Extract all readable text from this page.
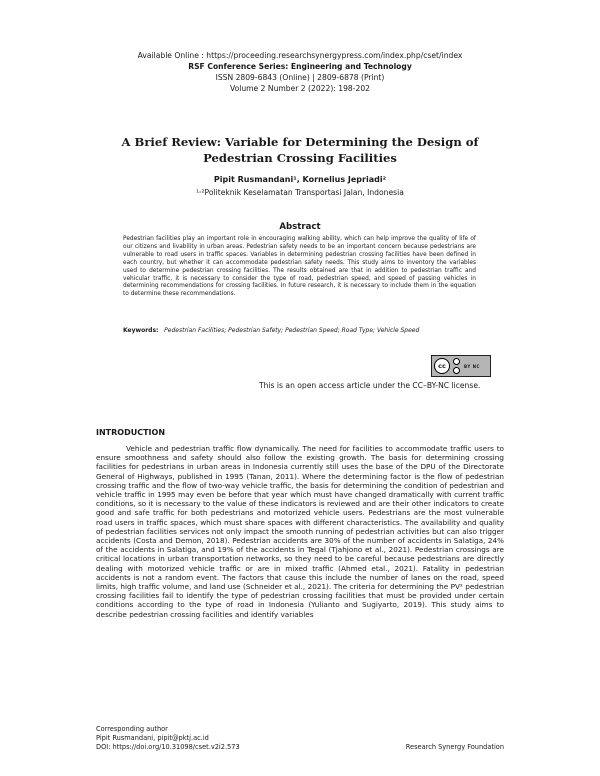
Available Online : https://proceeding.researchsynergypress.com/index.php/cset/index
RSF Conference Series: Engineering and Technology
ISSN 2809-6843 (Online) | 2809-6878 (Print)
Volume 2 Number 2 (2022): 198-202
A Brief Review: Variable for Determining the Design of Pedestrian Crossing Facilities
Pipit Rusmandani¹, Kornelius Jepriadi²
¹˒²Politeknik Keselamatan Transportasi Jalan, Indonesia
Abstract
Pedestrian facilities play an important role in encouraging walking ability, which can help improve the quality of life of our citizens and livability in urban areas. Pedestrian safety needs to be an important concern because pedestrians are vulnerable to road users in traffic spaces. Variables in determining pedestrian crossing facilities have been defined in each country, but whether it can accommodate pedestrian safety needs. This study aims to inventory the variables used to determine pedestrian crossing facilities. The results obtained are that in addition to pedestrian traffic and vehicular traffic, it is necessary to consider the type of road, pedestrian speed, and speed of passing vehicles in determining recommendations for crossing facilities. In future research, it is necessary to include them in the equation to determine these recommendations.
Keywords: Pedestrian Facilities; Pedestrian Safety; Pedestrian Speed; Road Type; Vehicle Speed
cc	BY NC
This is an open access article under the CC–BY-NC license.
INTRODUCTION
Vehicle and pedestrian traffic flow dynamically. The need for facilities to accommodate traffic users to ensure smoothness and safety should also follow the existing growth. The basis for determining crossing facilities for pedestrians in urban areas in Indonesia currently still uses the base of the DPU of the Directorate General of Highways, published in 1995 (Tanan, 2011). Where the determining factor is the flow of pedestrian crossing traffic and the flow of two-way vehicle traffic, the basis for determining the condition of pedestrian and vehicle traffic in 1995 may even be before that year which must have changed dramatically with current traffic conditions, so it is necessary to the value of these indicators is reviewed and are their other indicators to create good and safe traffic for both pedestrians and motorized vehicle users. Pedestrians are the most vulnerable road users in traffic spaces, which must share spaces with different characteristics. The availability and quality of pedestrian facilities services not only impact the smooth running of pedestrian activities but can also trigger accidents (Costa and Demon, 2018). Pedestrian accidents are 30% of the number of accidents in Salatiga, 24% of the accidents in Salatiga, and 19% of the accidents in Tegal (Tjahjono et al., 2021). Pedestrian crossings are critical locations in urban transportation networks, so they need to be careful because pedestrians are directly dealing with motorized vehicle traffic or are in mixed traffic (Ahmed etal., 2021). Fatality in pedestrian accidents is not a random event. The factors that cause this include the number of lanes on the road, speed limits, high traffic volume, and land use (Schneider et al., 2021). The criteria for determining the PV² pedestrian crossing facilities fail to identify the type of pedestrian crossing facilities that must be provided under certain conditions according to the type of road in Indonesia (Yulianto and Sugiyarto, 2019). This study aims to describe pedestrian crossing facilities and identify variables
Corresponding author
Pipit Rusmandani, pipit@pktj.ac.id
DOI: https://doi.org/10.31098/cset.v2i2.573	Research Synergy Foundation
